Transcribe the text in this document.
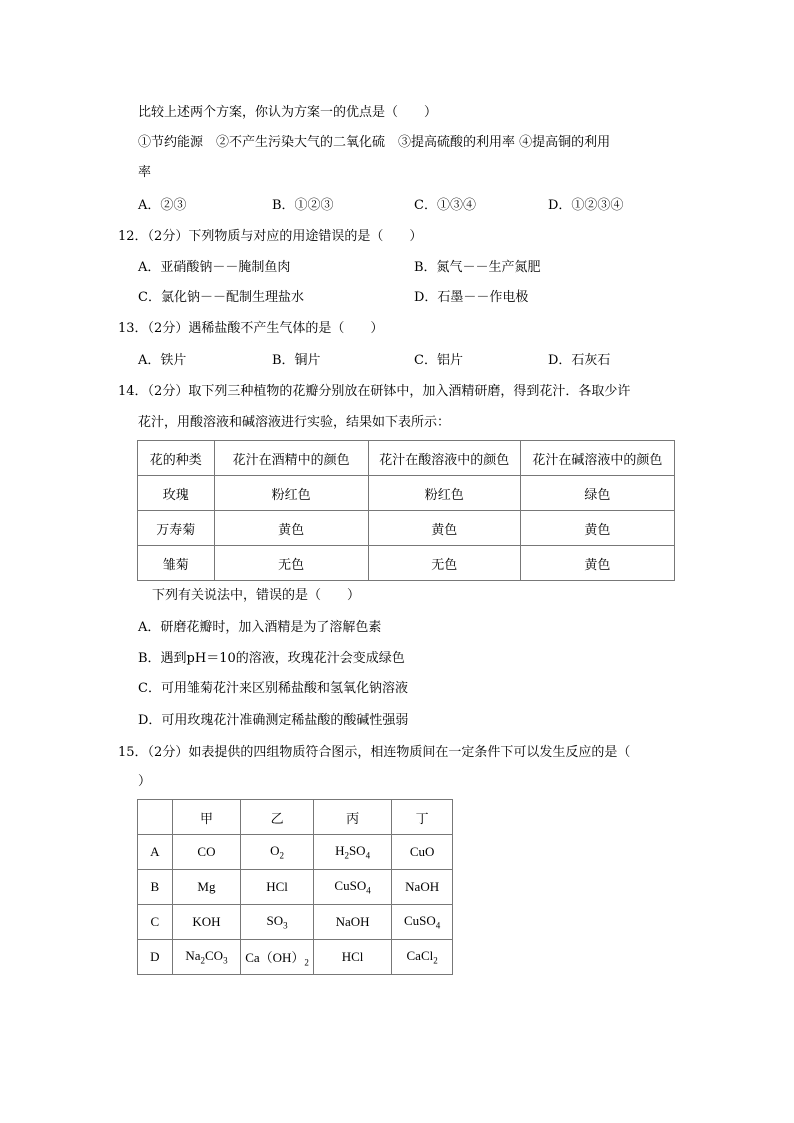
比较上述两个方案，你认为方案一的优点是（　　）
①节约能源　②不产生污染大气的二氧化硫　③提高硫酸的利用率 ④提高铜的利用
率
A．②③	B．①②③	C．①③④	D．①②③④
12．（2分）下列物质与对应的用途错误的是（　　）
A．亚硝酸钠－－腌制鱼肉	B．氮气－－生产氮肥
C．氯化钠－－配制生理盐水	D．石墨－－作电极
13．（2分）遇稀盐酸不产生气体的是（　　）
A．铁片	B．铜片	C．铝片	D．石灰石
14．（2分）取下列三种植物的花瓣分别放在研钵中，加入酒精研磨，得到花汁．各取少许
花汁，用酸溶液和碱溶液进行实验，结果如下表所示：
花的种类	花汁在酒精中的颜色	花汁在酸溶液中的颜色	花汁在碱溶液中的颜色
玫瑰	粉红色	粉红色	绿色
万寿菊	黄色	黄色	黄色
雏菊	无色	无色	黄色
下列有关说法中，错误的是（　　）
A．研磨花瓣时，加入酒精是为了溶解色素
B．遇到pH＝10的溶液，玫瑰花汁会变成绿色
C．可用雏菊花汁来区别稀盐酸和氢氧化钠溶液
D．可用玫瑰花汁准确测定稀盐酸的酸碱性强弱
15．（2分）如表提供的四组物质符合图示，相连物质间在一定条件下可以发生反应的是（
）
	甲	乙	丙	丁
A	CO	$O_2$	$H_2SO_4$	CuO
B	Mg	HCl	CuSO$_4$	NaOH
C	KOH	$SO_3$	NaOH	CuSO$_4$
D	$Na_2CO_3$	$Ca(OH)_2$	HCl	CaCl$_2$
